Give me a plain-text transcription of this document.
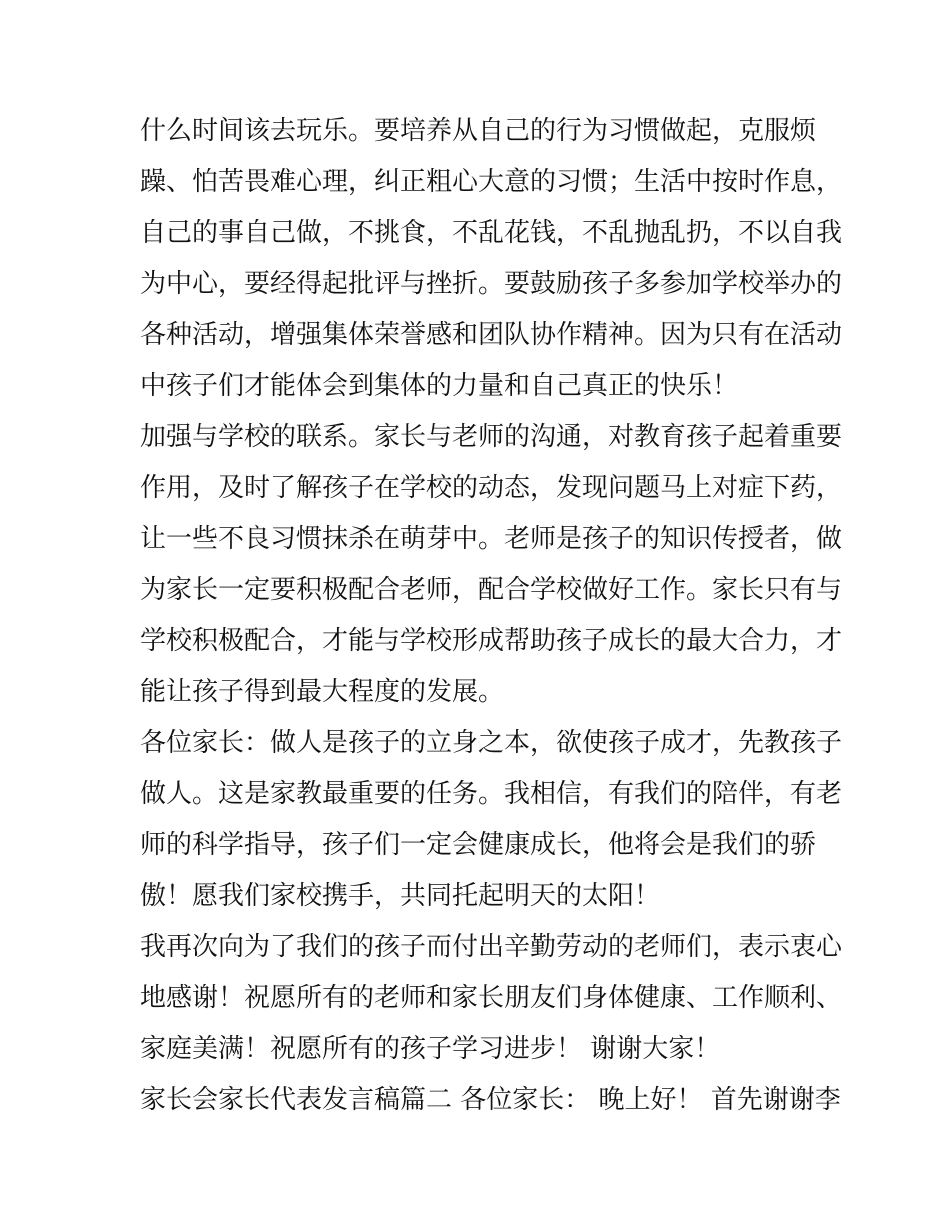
什么时间该去玩乐。要培养从自己的行为习惯做起，克服烦
躁、怕苦畏难心理，纠正粗心大意的习惯；生活中按时作息，
自己的事自己做，不挑食，不乱花钱，不乱抛乱扔，不以自我
为中心，要经得起批评与挫折。要鼓励孩子多参加学校举办的
各种活动，增强集体荣誉感和团队协作精神。因为只有在活动
中孩子们才能体会到集体的力量和自己真正的快乐！
加强与学校的联系。家长与老师的沟通，对教育孩子起着重要
作用，及时了解孩子在学校的动态，发现问题马上对症下药，
让一些不良习惯抹杀在萌芽中。老师是孩子的知识传授者，做
为家长一定要积极配合老师，配合学校做好工作。家长只有与
学校积极配合，才能与学校形成帮助孩子成长的最大合力，才
能让孩子得到最大程度的发展。
各位家长：做人是孩子的立身之本，欲使孩子成才，先教孩子
做人。这是家教最重要的任务。我相信，有我们的陪伴，有老
师的科学指导，孩子们一定会健康成长，他将会是我们的骄
傲！愿我们家校携手，共同托起明天的太阳！
我再次向为了我们的孩子而付出辛勤劳动的老师们，表示衷心
地感谢！祝愿所有的老师和家长朋友们身体健康、工作顺利、
家庭美满！祝愿所有的孩子学习进步！ 谢谢大家！
家长会家长代表发言稿篇二 各位家长： 晚上好！ 首先谢谢李
